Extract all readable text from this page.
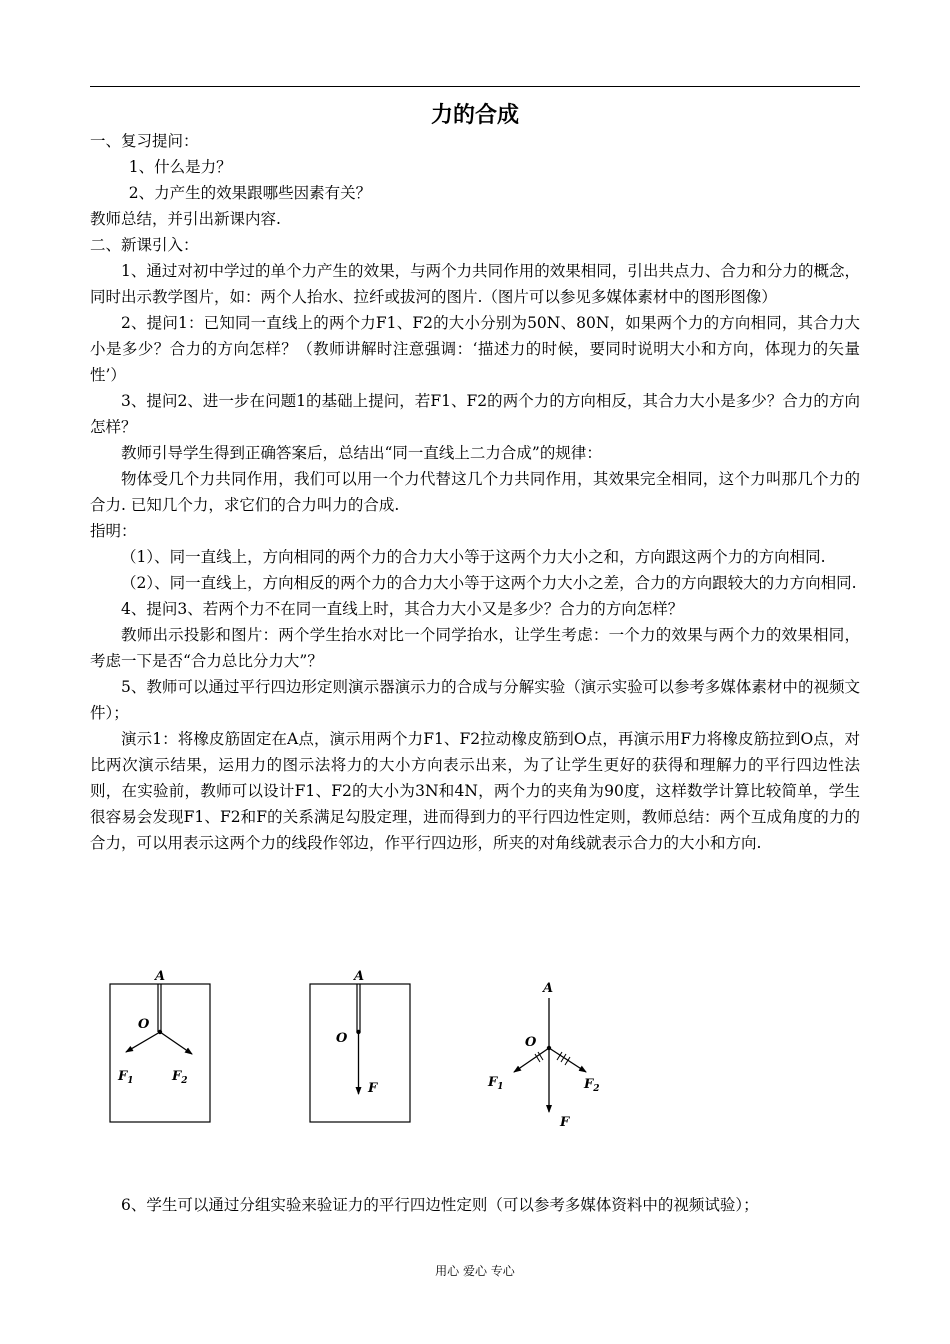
力的合成

一、复习提问：

1、什么是力？

2、力产生的效果跟哪些因素有关？

教师总结，并引出新课内容.

二、新课引入：

1、通过对初中学过的单个力产生的效果，与两个力共同作用的效果相同，引出共点力、合力和分力的概念，同时出示教学图片，如：两个人抬水、拉纤或拔河的图片.（图片可以参见多媒体素材中的图形图像）

2、提问1：已知同一直线上的两个力F1、F2的大小分别为50N、80N，如果两个力的方向相同，其合力大小是多少？合力的方向怎样？（教师讲解时注意强调：‘描述力的时候，要同时说明大小和方向，体现力的矢量性’）

3、提问2、进一步在问题1的基础上提问，若F1、F2的两个力的方向相反，其合力大小是多少？合力的方向怎样？

教师引导学生得到正确答案后，总结出“同一直线上二力合成”的规律：

物体受几个力共同作用，我们可以用一个力代替这几个力共同作用，其效果完全相同，这个力叫那几个力的合力. 已知几个力，求它们的合力叫力的合成.

指明：

（1）、同一直线上，方向相同的两个力的合力大小等于这两个力大小之和，方向跟这两个力的方向相同.

（2）、同一直线上，方向相反的两个力的合力大小等于这两个力大小之差，合力的方向跟较大的力方向相同.

4、提问3、若两个力不在同一直线上时，其合力大小又是多少？合力的方向怎样？

教师出示投影和图片：两个学生抬水对比一个同学抬水，让学生考虑：一个力的效果与两个力的效果相同，考虑一下是否“合力总比分力大”？

5、教师可以通过平行四边形定则演示器演示力的合成与分解实验（演示实验可以参考多媒体素材中的视频文件）；

演示1：将橡皮筋固定在A点，演示用两个力F1、F2拉动橡皮筋到O点，再演示用F力将橡皮筋拉到O点，对比两次演示结果，运用力的图示法将力的大小方向表示出来，为了让学生更好的获得和理解力的平行四边性法则，在实验前，教师可以设计F1、F2的大小为3N和4N，两个力的夹角为90度，这样数学计算比较简单，学生很容易会发现F1、F2和F的关系满足勾股定理，进而得到力的平行四边性定则，教师总结：两个互成角度的力的合力，可以用表示这两个力的线段作邻边，作平行四边形，所夹的对角线就表示合力的大小和方向.

A
O
$F_1$	$F_2$
A
O
F
A
O
$F_1$	$F_2$
F

6、学生可以通过分组实验来验证力的平行四边性定则（可以参考多媒体资料中的视频试验）；

用心 爱心 专心
